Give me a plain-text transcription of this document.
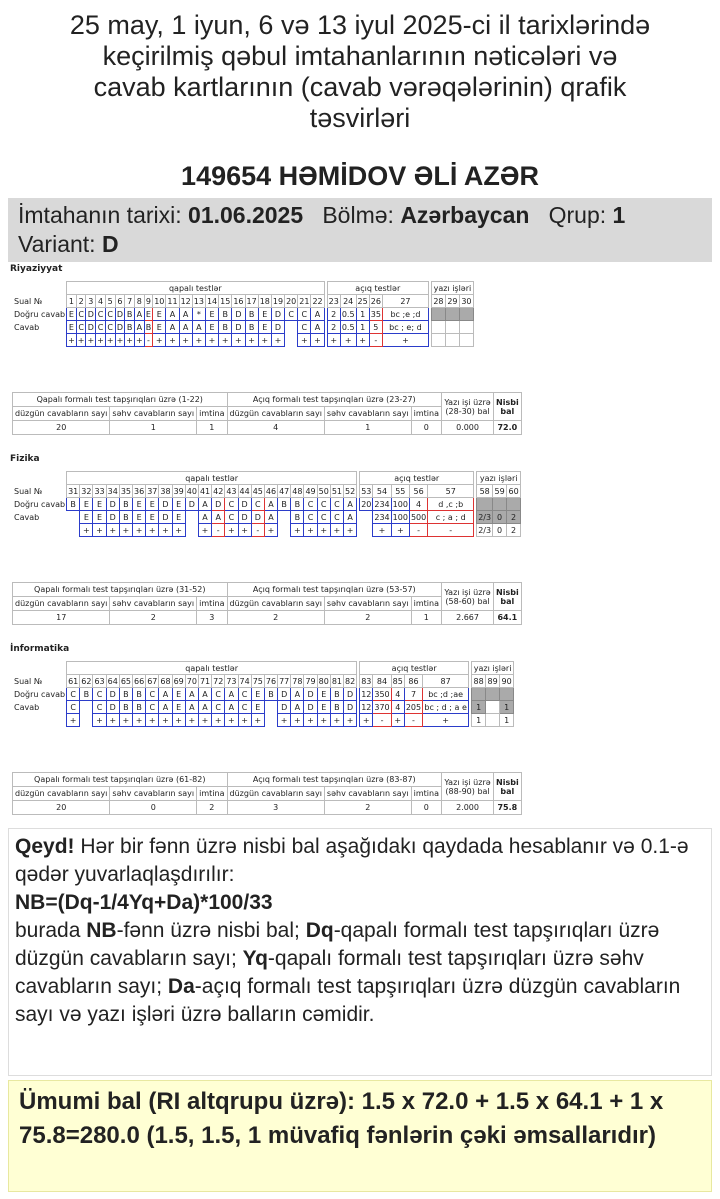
25 may, 1 iyun, 6 və 13 iyul 2025-ci il tarixlərində
keçirilmiş qəbul imtahanlarının nəticələri və
cavab kartlarının (cavab vərəqələrinin) qrafik
təsvirləri
149654 HƏMİDOV ƏLİ AZƏR
İmtahanın tarixi: 01.06.2025 Bölmə: Azərbaycan Qrup: 1   Variant: D
Riyaziyyat
	qapalı testlər																							açıq testlər						yazı işləri		
Sual №	1	2	3	4	5	6	7	8	9	10	11	12	13	14	15	16	17	18	19	20	21	22		23	24	25	26	27		28	29	30
Doğru cavab	E	C	D	C	C	D	B	A	E	E	A	A	*	E	B	D	B	E	D	C	C	A		2	0.5	1	35	bc ;e ;d				
Cavab	E	C	D	C	C	D	B	A	B	E	A	A	A	E	B	D	B	E	D		C	A		2	0.5	1	5	bc ; e; d				
	+	+	+	+	+	+	+	+	-	+	+	+	+	+	+	+	+	+	+		+	+		+	+	+	-	+				
Qapalı formalı test tapşırıqları üzrə (1-22)			Açıq formalı test tapşırıqları üzrə (23-27)			Yazı işi üzrə (28-30) bal	Nisbi bal
düzgün cavabların sayı	səhv cavabların sayı	imtina	düzgün cavabların sayı	səhv cavabların sayı	imtina		
20	1	1	4	1	0	0.000	72.0
Fizika
	qapalı testlər																							açıq testlər						yazı işləri		
Sual №	31	32	33	34	35	36	37	38	39	40	41	42	43	44	45	46	47	48	49	50	51	52		53	54	55	56	57		58	59	60
Doğru cavab	B	E	E	D	B	E	E	D	E	D	A	D	C	D	C	A	B	B	C	C	C	A		20	234	100	4	d ,c ;b				
Cavab		E	E	D	B	E	E	D	E		A	A	C	D	D	A		B	C	C	C	A			234	100	500	c ; a ; d		2/3	0	2
		+	+	+	+	+	+	+	+		+	-	+	+	-	+		+	+	+	+	+			+	+	-	-		2/3	0	2
Qapalı formalı test tapşırıqları üzrə (31-52)			Açıq formalı test tapşırıqları üzrə (53-57)			Yazı işi üzrə (58-60) bal	Nisbi bal
düzgün cavabların sayı	səhv cavabların sayı	imtina	düzgün cavabların sayı	səhv cavabların sayı	imtina		
17	2	3	2	2	1	2.667	64.1
İnformatika
	qapalı testlər																							açıq testlər						yazı işləri		
Sual №	61	62	63	64	65	66	67	68	69	70	71	72	73	74	75	76	77	78	79	80	81	82		83	84	85	86	87		88	89	90
Doğru cavab	C	B	C	D	B	B	C	A	E	A	A	C	A	C	E	B	D	A	D	E	B	D		12	350	4	7	bc ;d ;ae				
Cavab	C		C	D	B	B	C	A	E	A	A	C	A	C	E		D	A	D	E	B	D		12	370	4	205	bc ; d ; a e		1		1
	+		+	+	+	+	+	+	+	+	+	+	+	+	+		+	+	+	+	+	+		+	-	+	-	+		1		1
Qapalı formalı test tapşırıqları üzrə (61-82)			Açıq formalı test tapşırıqları üzrə (83-87)			Yazı işi üzrə (88-90) bal	Nisbi bal
düzgün cavabların sayı	səhv cavabların sayı	imtina	düzgün cavabların sayı	səhv cavabların sayı	imtina		
20	0	2	3	2	0	2.000	75.8
Qeyd! Hər bir fənn üzrə nisbi bal aşağıdakı qaydada hesablanır və 0.1-ə qədər yuvarlaqlaşdırılır:
NB=(Dq-1/4Yq+Da)*100/33
burada NB-fənn üzrə nisbi bal; Dq-qapalı formalı test tapşırıqları üzrə düzgün cavabların sayı; Yq-qapalı formalı test tapşırıqları üzrə səhv cavabların sayı; Da-açıq formalı test tapşırıqları üzrə düzgün cavabların sayı və yazı işləri üzrə balların cəmidir.
Ümumi bal (RI altqrupu üzrə): 1.5 x 72.0 + 1.5 x 64.1 + 1 x 75.8=280.0 (1.5, 1.5, 1 müvafiq fənlərin çəki əmsallarıdır)
